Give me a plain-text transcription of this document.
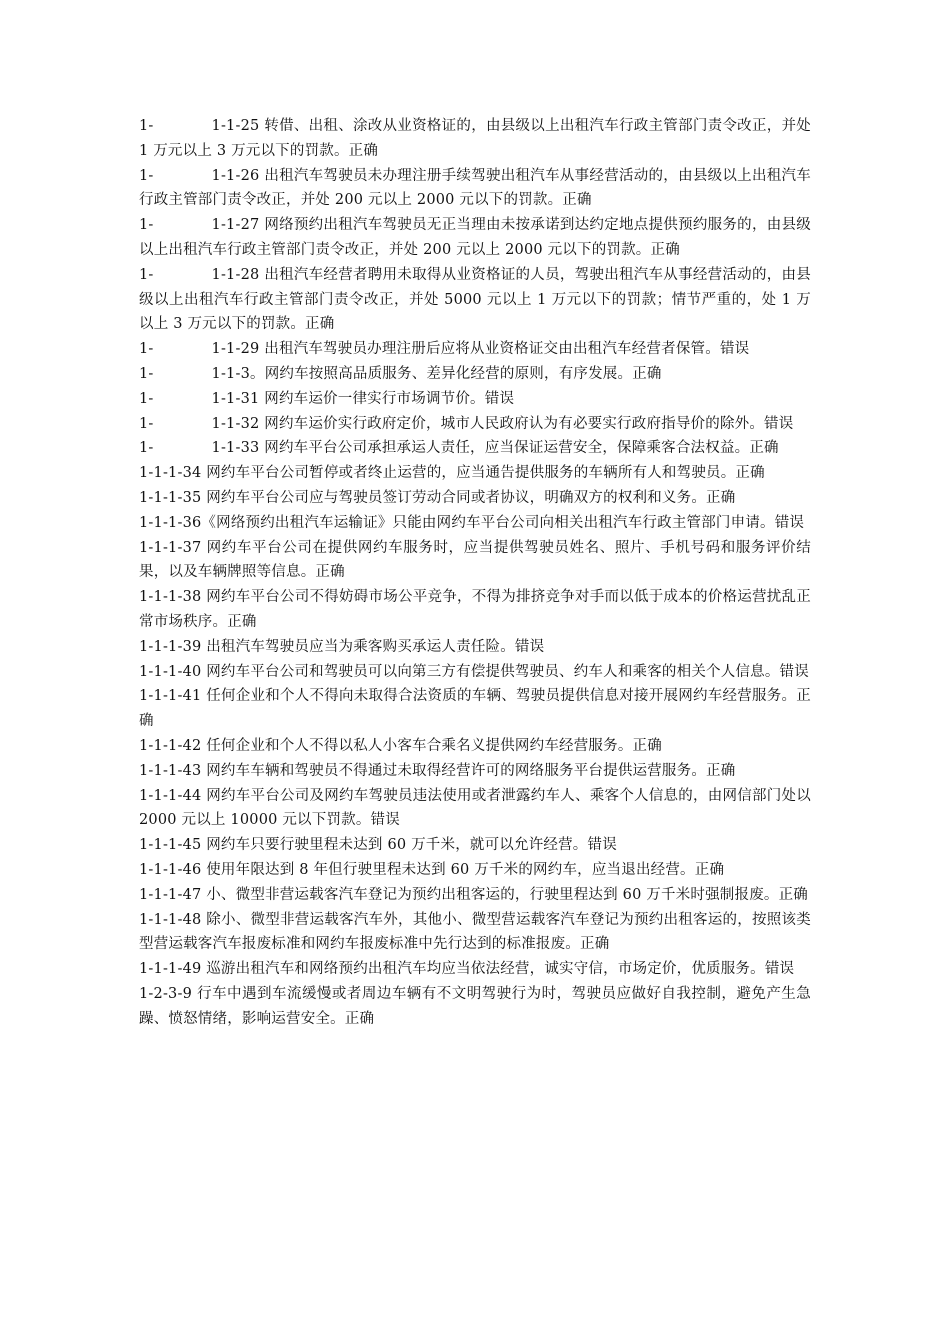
1-	1-1-25 转借、出租、涂改从业资格证的，由县级以上出租汽车行政主管部门责令改正，并处 1 万元以上 3 万元以下的罚款。正确

1-	1-1-26 出租汽车驾驶员未办理注册手续驾驶出租汽车从事经营活动的，由县级以上出租汽车行政主管部门责令改正，并处 200 元以上 2000 元以下的罚款。正确

1-	1-1-27 网络预约出租汽车驾驶员无正当理由未按承诺到达约定地点提供预约服务的，由县级以上出租汽车行政主管部门责令改正，并处 200 元以上 2000 元以下的罚款。正确

1-	1-1-28 出租汽车经营者聘用未取得从业资格证的人员，驾驶出租汽车从事经营活动的，由县级以上出租汽车行政主管部门责令改正，并处 5000 元以上 1 万元以下的罚款；情节严重的，处 1 万以上 3 万元以下的罚款。正确

1-	1-1-29 出租汽车驾驶员办理注册后应将从业资格证交由出租汽车经营者保管。错误

1-	1-1-3。网约车按照高品质服务、差异化经营的原则，有序发展。正确

1-	1-1-31 网约车运价一律实行市场调节价。错误

1-	1-1-32 网约车运价实行政府定价，城市人民政府认为有必要实行政府指导价的除外。错误

1-	1-1-33 网约车平台公司承担承运人责任，应当保证运营安全，保障乘客合法权益。正确

1-1-1-34 网约车平台公司暂停或者终止运营的，应当通告提供服务的车辆所有人和驾驶员。正确

1-1-1-35 网约车平台公司应与驾驶员签订劳动合同或者协议，明确双方的权利和义务。正确

1-1-1-36《网络预约出租汽车运输证》只能由网约车平台公司向相关出租汽车行政主管部门申请。错误

1-1-1-37 网约车平台公司在提供网约车服务时，应当提供驾驶员姓名、照片、手机号码和服务评价结果，以及车辆牌照等信息。正确

1-1-1-38 网约车平台公司不得妨碍市场公平竞争，不得为排挤竞争对手而以低于成本的价格运营扰乱正常市场秩序。正确

1-1-1-39 出租汽车驾驶员应当为乘客购买承运人责任险。错误

1-1-1-40 网约车平台公司和驾驶员可以向第三方有偿提供驾驶员、约车人和乘客的相关个人信息。错误

1-1-1-41 任何企业和个人不得向未取得合法资质的车辆、驾驶员提供信息对接开展网约车经营服务。正确

1-1-1-42 任何企业和个人不得以私人小客车合乘名义提供网约车经营服务。正确

1-1-1-43 网约车车辆和驾驶员不得通过未取得经营许可的网络服务平台提供运营服务。正确

1-1-1-44 网约车平台公司及网约车驾驶员违法使用或者泄露约车人、乘客个人信息的，由网信部门处以 2000 元以上 10000 元以下罚款。错误

1-1-1-45 网约车只要行驶里程未达到 60 万千米，就可以允许经营。错误

1-1-1-46 使用年限达到 8 年但行驶里程未达到 60 万千米的网约车，应当退出经营。正确

1-1-1-47 小、微型非营运载客汽车登记为预约出租客运的，行驶里程达到 60 万千米时强制报废。正确

1-1-1-48 除小、微型非营运载客汽车外，其他小、微型营运载客汽车登记为预约出租客运的，按照该类型营运载客汽车报废标准和网约车报废标准中先行达到的标准报废。正确

1-1-1-49 巡游出租汽车和网络预约出租汽车均应当依法经营，诚实守信，市场定价，优质服务。错误

1-2-3-9 行车中遇到车流缓慢或者周边车辆有不文明驾驶行为时，驾驶员应做好自我控制，避免产生急躁、愤怒情绪，影响运营安全。正确
